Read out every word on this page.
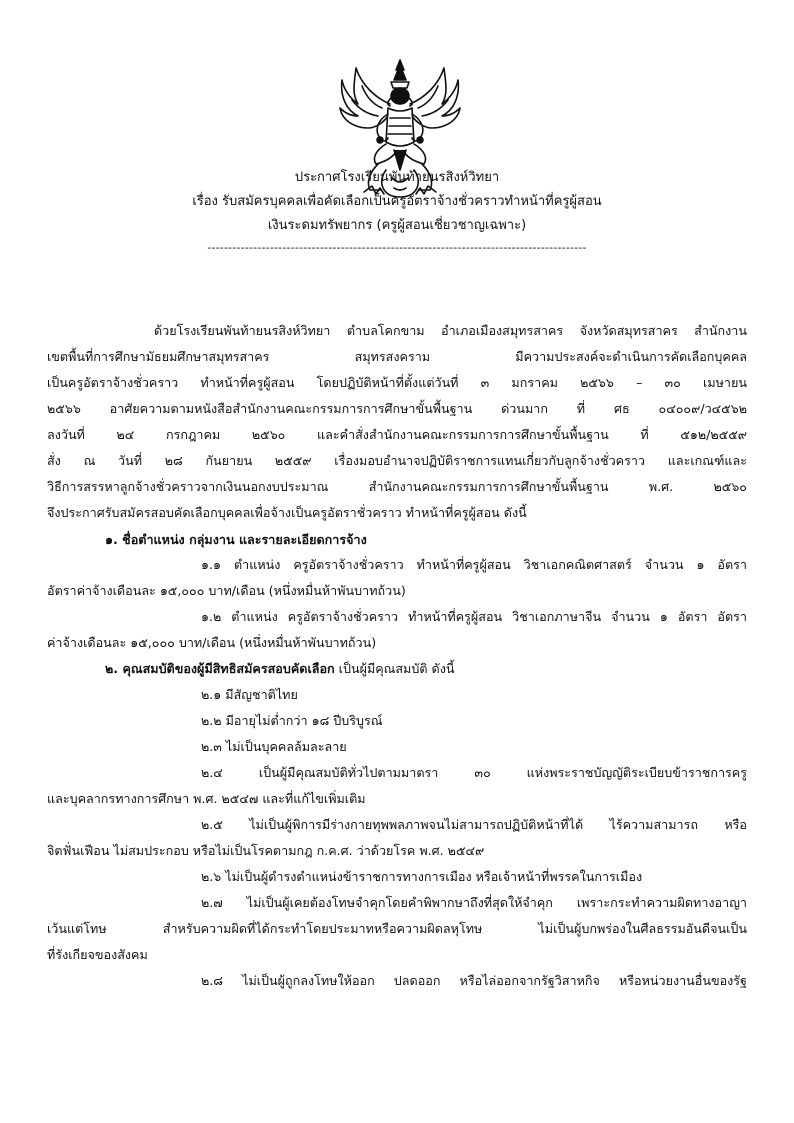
ประกาศโรงเรียนพันท้ายนรสิงห์วิทยา
เรื่อง รับสมัครบุคคลเพื่อคัดเลือกเป็นครูอัตราจ้างชั่วคราวทำหน้าที่ครูผู้สอน
เงินระดมทรัพยากร (ครูผู้สอนเชี่ยวชาญเฉพาะ)
-------------------------------------------------------------------------------------------
ด้วยโรงเรียนพันท้ายนรสิงห์วิทยา ตำบลโคกขาม อำเภอเมืองสมุทรสาคร จังหวัดสมุทรสาคร สำนักงาน
เขตพื้นที่การศึกษามัธยมศึกษาสมุทรสาคร สมุทรสงคราม มีความประสงค์จะดำเนินการคัดเลือกบุคคล
เป็นครูอัตราจ้างชั่วคราว ทำหน้าที่ครูผู้สอน โดยปฏิบัติหน้าที่ตั้งแต่วันที่ ๓ มกราคม ๒๕๖๖ – ๓๐ เมษายน
๒๕๖๖ อาศัยความตามหนังสือสำนักงานคณะกรรมการการศึกษาขั้นพื้นฐาน ด่วนมาก ที่ ศธ ๐๔๐๐๙/ว๔๕๖๒
ลงวันที่ ๒๔ กรกฎาคม ๒๕๖๐ และคำสั่งสำนักงานคณะกรรมการการศึกษาขั้นพื้นฐาน ที่ ๕๑๒/๒๕๕๙
สั่ง ณ วันที่ ๒๘ กันยายน ๒๕๕๙ เรื่องมอบอำนาจปฏิบัติราชการแทนเกี่ยวกับลูกจ้างชั่วคราว และเกณฑ์และ
วิธีการสรรหาลูกจ้างชั่วคราวจากเงินนอกงบประมาณ สำนักงานคณะกรรมการการศึกษาขั้นพื้นฐาน พ.ศ. ๒๕๖๐
จึงประกาศรับสมัครสอบคัดเลือกบุคคลเพื่อจ้างเป็นครูอัตราชั่วคราว ทำหน้าที่ครูผู้สอน ดังนี้
๑. ชื่อตำแหน่ง กลุ่มงาน และรายละเอียดการจ้าง
๑.๑ ตำแหน่ง ครูอัตราจ้างชั่วคราว ทำหน้าที่ครูผู้สอน วิชาเอกคณิตศาสตร์ จำนวน ๑ อัตรา
อัตราค่าจ้างเดือนละ ๑๕,๐๐๐ บาท/เดือน (หนึ่งหมื่นห้าพันบาทถ้วน)
๑.๒ ตำแหน่ง ครูอัตราจ้างชั่วคราว ทำหน้าที่ครูผู้สอน วิชาเอกภาษาจีน จำนวน ๑ อัตรา อัตรา
ค่าจ้างเดือนละ ๑๕,๐๐๐ บาท/เดือน (หนึ่งหมื่นห้าพันบาทถ้วน)
๒. คุณสมบัติของผู้มีสิทธิสมัครสอบคัดเลือก เป็นผู้มีคุณสมบัติ ดังนี้
๒.๑ มีสัญชาติไทย
๒.๒ มีอายุไม่ต่ำกว่า ๑๘ ปีบริบูรณ์
๒.๓ ไม่เป็นบุคคลล้มละลาย
๒.๔ เป็นผู้มีคุณสมบัติทั่วไปตามมาตรา ๓๐ แห่งพระราชบัญญัติระเบียบข้าราชการครู
และบุคลากรทางการศึกษา พ.ศ. ๒๕๔๗ และที่แก้ไขเพิ่มเติม
๒.๕ ไม่เป็นผู้พิการมีร่างกายทุพพลภาพจนไม่สามารถปฏิบัติหน้าที่ได้ ไร้ความสามารถ หรือ
จิตฟั่นเฟือน ไม่สมประกอบ หรือไม่เป็นโรคตามกฎ ก.ค.ศ. ว่าด้วยโรค พ.ศ. ๒๕๔๙
๒.๖ ไม่เป็นผู้ดำรงตำแหน่งข้าราชการทางการเมือง หรือเจ้าหน้าที่พรรคในการเมือง
๒.๗ ไม่เป็นผู้เคยต้องโทษจำคุกโดยคำพิพากษาถึงที่สุดให้จำคุก เพราะกระทำความผิดทางอาญา
เว้นแต่โทษ สำหรับความผิดที่ได้กระทำโดยประมาทหรือความผิดลหุโทษ ไม่เป็นผู้บกพร่องในศีลธรรมอันดีจนเป็น
ที่รังเกียจของสังคม
๒.๘ ไม่เป็นผู้ถูกลงโทษให้ออก ปลดออก หรือไล่ออกจากรัฐวิสาหกิจ หรือหน่วยงานอื่นของรัฐ
